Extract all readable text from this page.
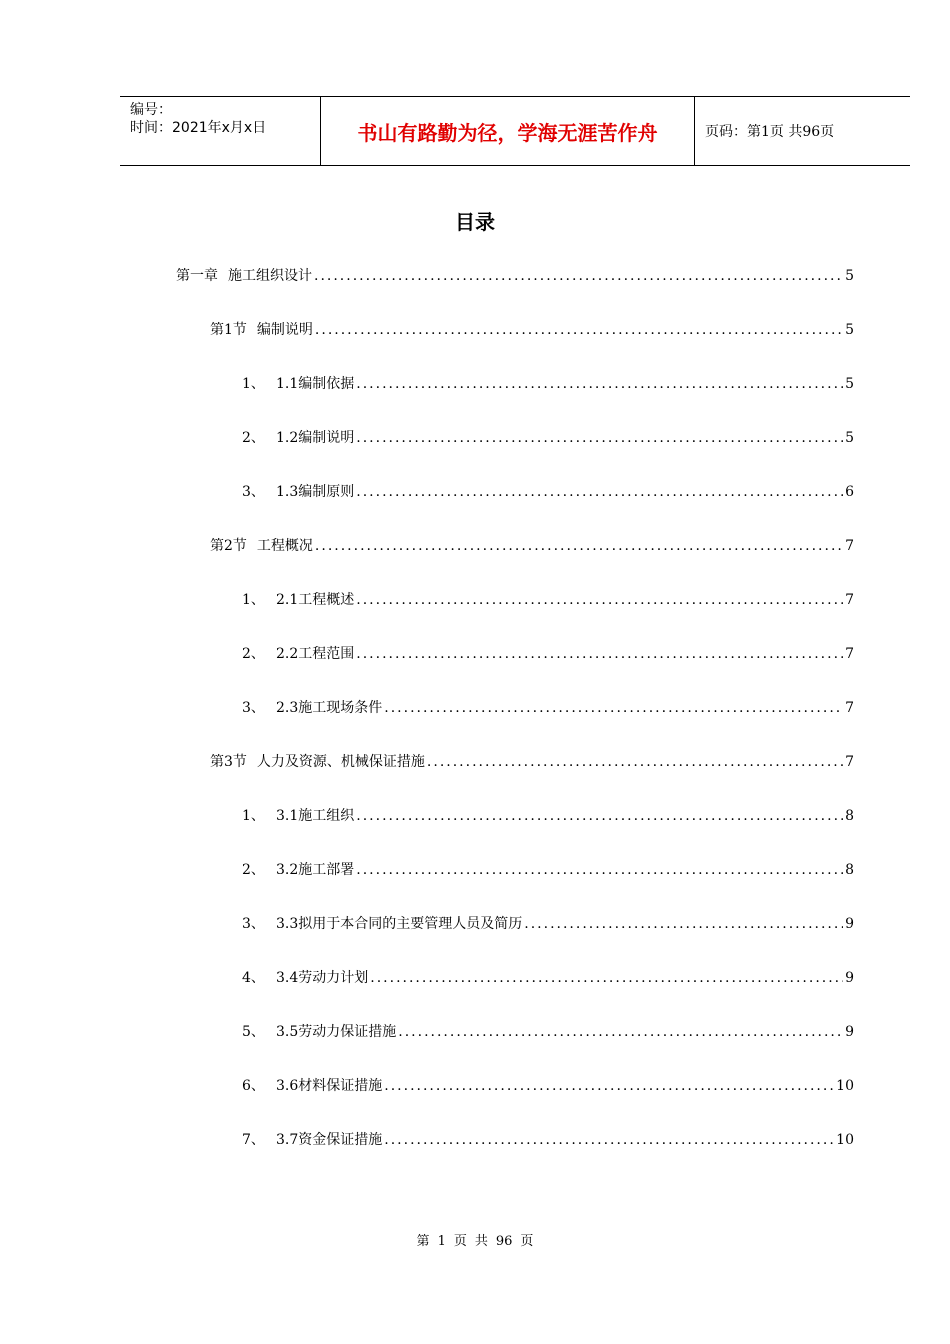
编号：
时间：2021年x月x日	书山有路勤为径，学海无涯苦作舟	页码：第1页 共96页
目录
第一章 施工组织设计 .....	5
第1节 编制说明 .....	5
1、 1.1编制依据 .....	5
2、 1.2编制说明 .....	5
3、 1.3编制原则 .....	6
第2节 工程概况 .....	7
1、 2.1工程概述 .....	7
2、 2.2工程范围 .....	7
3、 2.3施工现场条件 .....	7
第3节 人力及资源、机械保证措施 .....	7
1、 3.1施工组织 .....	8
2、 3.2施工部署 .....	8
3、 3.3拟用于本合同的主要管理人员及简历 .....	9
4、 3.4劳动力计划 .....	9
5、 3.5劳动力保证措施 .....	9
6、 3.6材料保证措施 .....	10
7、 3.7资金保证措施 .....	10
第 1 页 共 96 页
